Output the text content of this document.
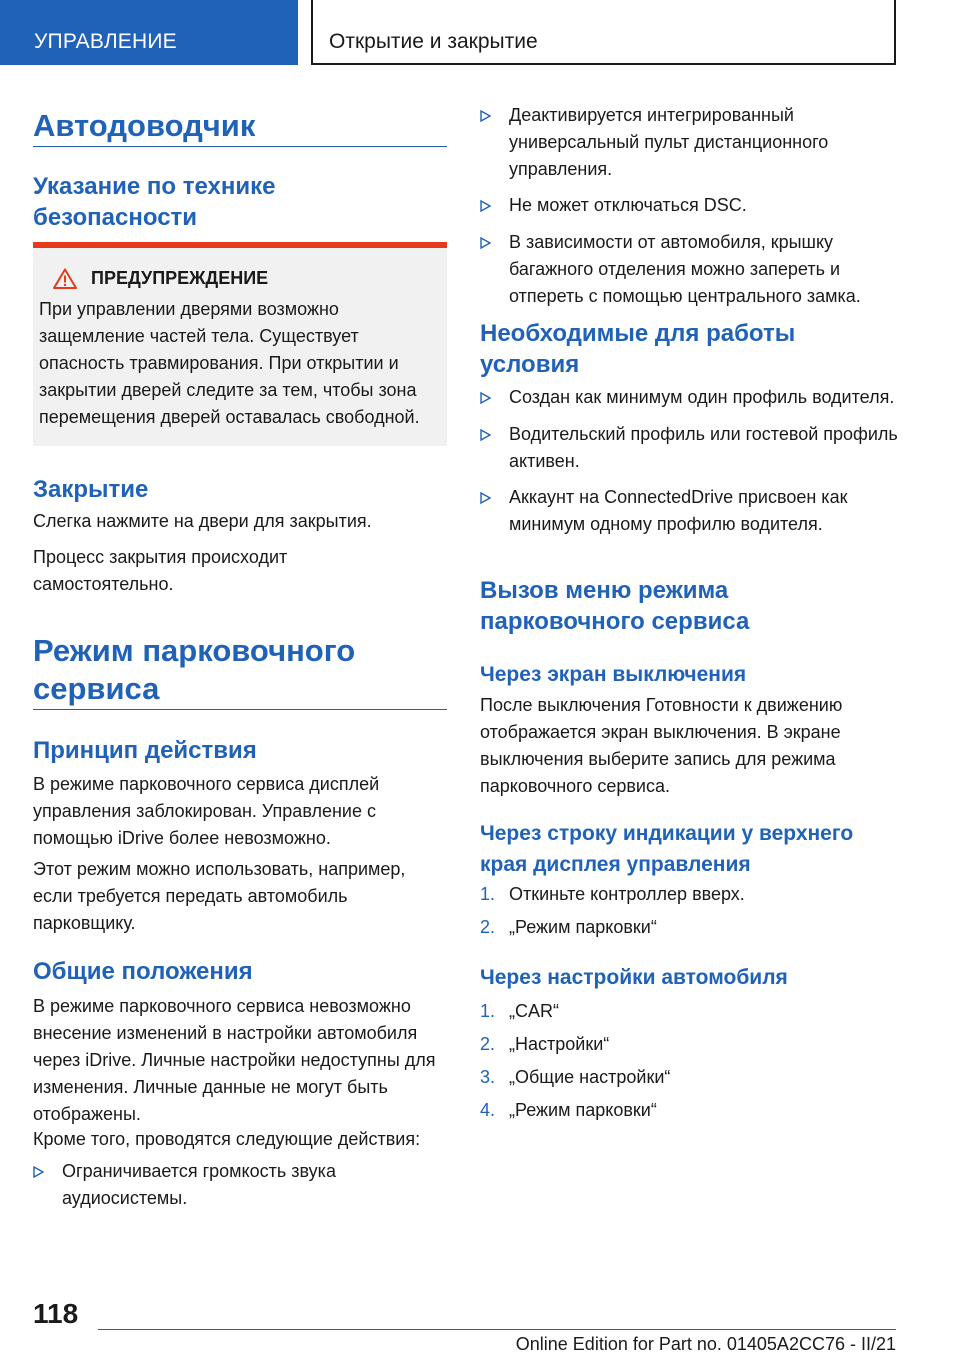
УПРАВЛЕНИЕ	Открытие и закрытие
Автодоводчик
Указание по технике безопасности
ПРЕДУПРЕЖДЕНИЕ

При управлении дверями возможно защемление частей тела. Существует опасность травмирования. При открытии и закрытии дверей следите за тем, чтобы зона перемещения дверей оставалась свободной.

Закрытие

Слегка нажмите на двери для закрытия.

Процесс закрытия происходит самостоятельно.

Режим парковочного сервиса
Принцип действия

В режиме парковочного сервиса дисплей управления заблокирован. Управление с помощью iDrive более невозможно.

Этот режим можно использовать, например, если требуется передать автомобиль парковщику.

Общие положения

В режиме парковочного сервиса невозможно внесение изменений в настройки автомобиля через iDrive. Личные настройки недоступны для изменения. Личные данные не могут быть отображены.

Кроме того, проводятся следующие действия:

Ограничивается громкость звука аудиосистемы.
Деактивируется интегрированный универсальный пульт дистанционного управления.
Не может отключаться DSC.
В зависимости от автомобиля, крышку багажного отделения можно запереть и отпереть с помощью центрального замка.
Необходимые для работы условия
Создан как минимум один профиль водителя.
Водительский профиль или гостевой профиль активен.
Аккаунт на ConnectedDrive присвоен как минимум одному профилю водителя.
Вызов меню режима парковочного сервиса
Через экран выключения

После выключения Готовности к движению отображается экран выключения. В экране выключения выберите запись для режима парковочного сервиса.

Через строку индикации у верхнего края дисплея управления
1. Откиньте контроллер вверх.
2. „Режим парковки“
Через настройки автомобиля
1. „CAR“
2. „Настройки“
3. „Общие настройки“
4. „Режим парковки“
118
Online Edition for Part no. 01405A2CC76 - II/21
